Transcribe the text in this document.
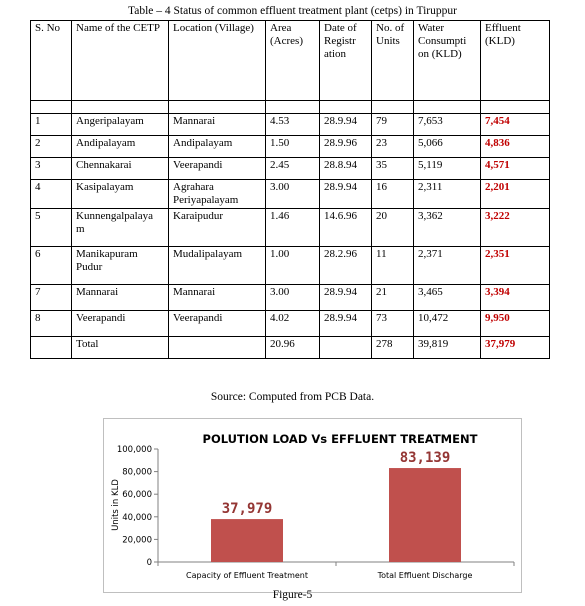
Table – 4 Status of common effluent treatment plant (cetps) in Tiruppur
S. No	Name of the CETP	Location (Village)	Area (Acres)	Date of Registr ation	No. of Units	Water Consumpti on (KLD)	Effluent (KLD)

1	Angeripalayam	Mannarai	4.53	28.9.94	79	7,653	7,454
2	Andipalayam	Andipalayam	1.50	28.9.96	23	5,066	4,836
3	Chennakarai	Veerapandi	2.45	28.8.94	35	5,119	4,571
4	Kasipalayam	Agrahara Periyapalayam	3.00	28.9.94	16	2,311	2,201
5	Kunnengalpalaya m	Karaipudur	1.46	14.6.96	20	3,362	3,222
6	Manikapuram Pudur	Mudalipalayam	1.00	28.2.96	11	2,371	2,351
7	Mannarai	Mannarai	3.00	28.9.94	21	3,465	3,394
8	Veerapandi	Veerapandi	4.02	28.9.94	73	10,472	9,950
	Total		20.96		278	39,819	37,979
Source: Computed from PCB Data.
POLUTION LOAD Vs EFFLUENT TREATMENT
0
20,000
40,000
60,000
80,000
100,000
Units in KLD	37,979
Capacity of Effluent Treatment
83,139
Total Effluent Discharge
Figure-5
